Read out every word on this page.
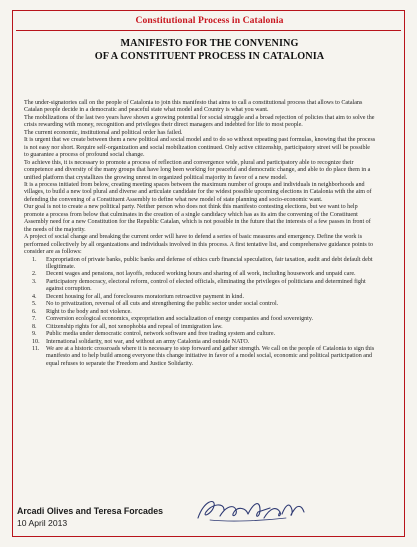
Constitutional Process in Catalonia
MANIFESTO FOR THE CONVENING
OF A CONSTITUENT PROCESS IN CATALONIA

The under-signatories call on the people of Catalonia to join this manifesto that aims to call a constitutional process that allows to Catalans Catalan people decide in a democratic and peaceful state what model and Country is what you want.

The mobilizations of the last two years have shown a growing potential for social struggle and a broad rejection of policies that aim to solve the crisis rewarding with money, recognition and privileges their direct managers and indebted for life to most people.

The current economic, institutional and political order has failed.

It is urgent that we create between them a new political and social model and to do so without repeating past formulas, knowing that the process is not easy nor short. Require self-organization and social mobilization continued. Only active citizenship, participatory street will be possible to guarantee a process of profound social change.

To achieve this, it is necessary to promote a process of reflection and convergence wide, plural and participatory able to recognize their competence and diversity of the many groups that have long been working for peaceful and democratic change, and able to do place them in a unified platform that crystallizes the growing unrest in organized political majority in favor of a new model.

It is a process initiated from below, creating meeting spaces between the maximum number of groups and individuals in neighborhoods and villages, to build a new tool plural and diverse and articulate candidate for the widest possible upcoming elections in Catalonia with the aim of defending the convening of a Constituent Assembly to define what new model of state planning and socio-economic want.

Our goal is not to create a new political party. Neither person who does not think this manifesto contesting elections, but we want to help promote a process from below that culminates in the creation of a single candidacy which has as its aim the convening of the Constituent Assembly need for a new Constitution for the Republic Catalan, which is not possible in the future that the interests of a few passes in front of the needs of the majority.

A project of social change and breaking the current order will have to defend a series of basic measures and emergency. Define the work is performed collectively by all organizations and individuals involved in this process. A first tentative list, and comprehensive guidance points to consider are as follows:

1. Expropriation of private banks, public banks and defense of ethics curb financial speculation, fair taxation, audit and debt default debt illegitimate.
2. Decent wages and pensions, not layoffs, reduced working hours and sharing of all work, including housework and unpaid care.
3. Participatory democracy, electoral reform, control of elected officials, eliminating the privileges of politicians and determined fight against corruption.
4. Decent housing for all, and foreclosures moratorium retroactive payment in kind.
5. No to privatization, reversal of all cuts and strengthening the public sector under social control.
6. Right to the body and not violence.
7. Conversion ecological economics, expropriation and socialization of energy companies and food sovereignty.
8. Citizenship rights for all, not xenophobia and repeal of immigration law.
9. Public media under democratic control, network software and free trading system and culture.
10. International solidarity, not war, and without an army Catalonia and outside NATO.
11. We are at a historic crossroads where it is necessary to step forward and gather strength. We call on the people of Catalonia to sign this manifesto and to help build among everyone this change initiative in favor of a model social, economic and political participation and equal refuses to separate the Freedom and Justice Solidarity.
Arcadi Olives and Teresa Forcades
10 April 2013
